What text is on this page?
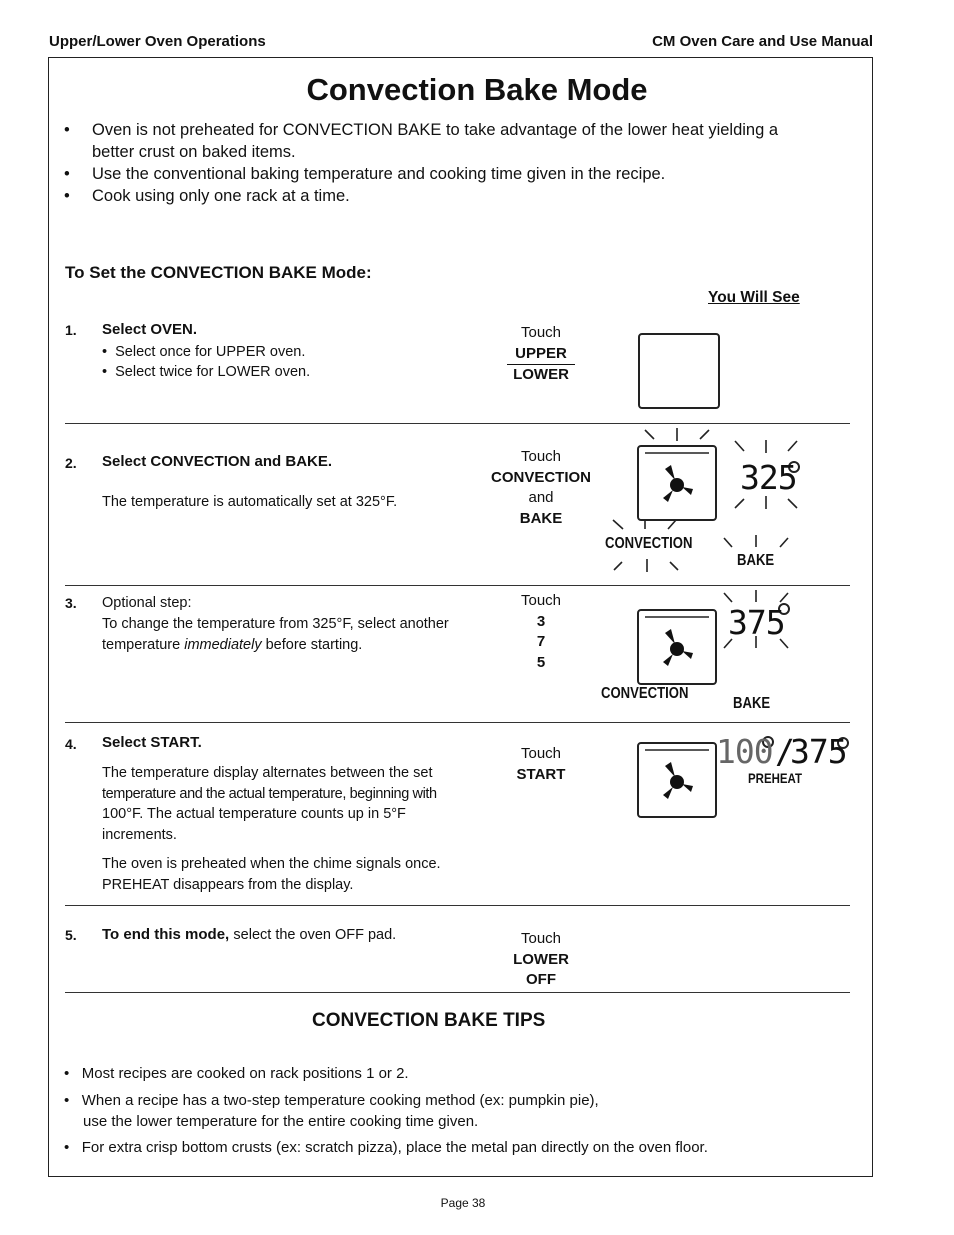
Upper/Lower Oven Operations	CM Oven Care and Use Manual
Convection Bake Mode
Oven is not preheated for CONVECTION BAKE to take advantage of the lower heat yielding a
better crust on baked items.
Use the conventional baking temperature and cooking time given in the recipe.
Cook using only one rack at a time.
•
•
•
To Set the CONVECTION BAKE Mode:
You Will See
1. Select OVEN.
•  Select once for UPPER oven.
•  Select twice for LOWER oven.
Touch
UPPER
LOWER
2. Select CONVECTION and BAKE.
The temperature is automatically set at 325°F.
Touch
CONVECTION
and
BAKE
325
CONVECTION
BAKE
3. Optional step:
To change the temperature from 325°F, select another
temperature immediately before starting.
Touch
3
7
5
375
CONVECTION
BAKE
4. Select START.
The temperature display alternates between the set
temperature and the actual temperature, beginning with
100°F. The actual temperature counts up in 5°F
increments.
The oven is preheated when the chime signals once.
PREHEAT disappears from the display.
Touch
START
100 /
375
PREHEAT
5. To end this mode, select the oven OFF pad.	Touch
LOWER
OFF
CONVECTION BAKE TIPS
•   Most recipes are cooked on rack positions 1 or 2.
•   When a recipe has a two-step temperature cooking method (ex: pumpkin pie),
use the lower temperature for the entire cooking time given.
•   For extra crisp bottom crusts (ex: scratch pizza), place the metal pan directly on the oven floor.
Page 38
